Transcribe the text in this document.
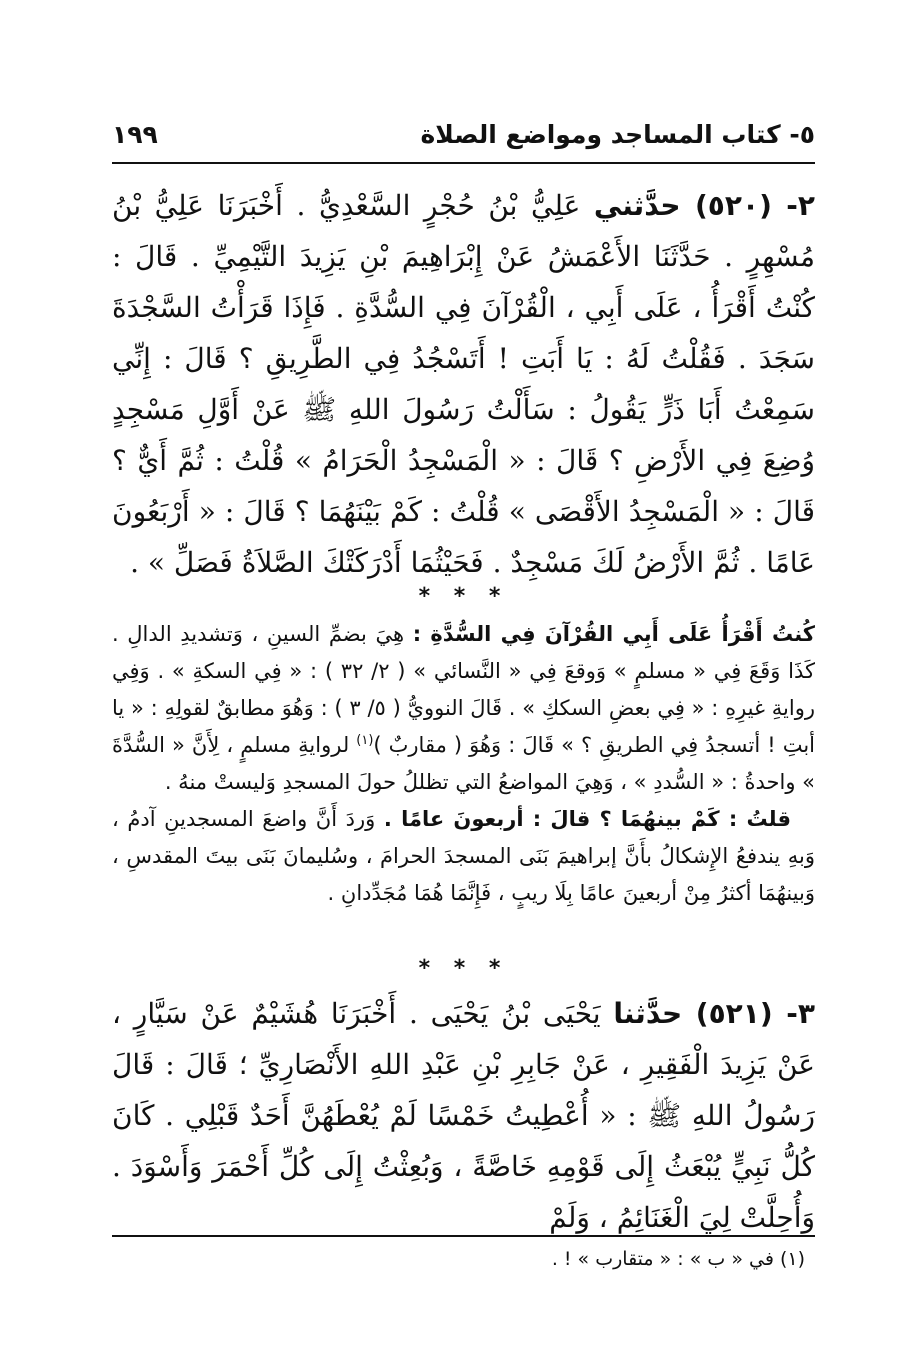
٥- كتاب المساجد ومواضع الصلاة
١٩٩
٢- (٥٢٠) حدَّثني عَلِيُّ بْنُ حُجْرٍ السَّعْدِيُّ . أَخْبَرَنَا عَلِيُّ بْنُ مُسْهِرٍ . حَدَّثَنَا الأَعْمَشُ عَنْ إِبْرَاهِيمَ بْنِ يَزِيدَ التَّيْمِيِّ . قَالَ : كُنْتُ أَقْرَأُ ، عَلَى أَبِي ، الْقُرْآنَ فِي السُّدَّةِ . فَإِذَا قَرَأْتُ السَّجْدَةَ سَجَدَ . فَقُلْتُ لَهُ : يَا أَبَتِ ! أَتَسْجُدُ فِي الطَّرِيقِ ؟ قَالَ : إِنِّي سَمِعْتُ أَبَا ذَرٍّ يَقُولُ : سَأَلْتُ رَسُولَ اللهِ ﷺ عَنْ أَوَّلِ مَسْجِدٍ وُضِعَ فِي الأَرْضِ ؟ قَالَ : « الْمَسْجِدُ الْحَرَامُ » قُلْتُ : ثُمَّ أَيٌّ ؟ قَالَ : « الْمَسْجِدُ الأَقْصَى » قُلْتُ : كَمْ بَيْنَهُمَا ؟ قَالَ : « أَرْبَعُونَ عَامًا . ثُمَّ الأَرْضُ لَكَ مَسْجِدٌ . فَحَيْثُمَا أَدْرَكَتْكَ الصَّلاَةُ فَصَلِّ » .
* * *

كُنتُ أَقْرَأُ عَلَى أَبِي القُرْآنَ فِي السُّدَّةِ : هِيَ بضمِّ السينِ ، وَتشديدِ الدالِ . كَذَا وَقَعَ فِي « مسلمٍ » وَوقعَ فِي « النَّسائي » ( ٢/ ٣٢ ) : « فِي السكةِ » . وَفِي روايةِ غيرِهِ : « فِي بعضِ السككِ » . قَالَ النوويُّ ( ٥/ ٣ ) : وَهُوَ مطابقٌ لقولِهِ : « يا أبتِ ! أتسجدُ فِي الطريقِ ؟ » قَالَ : وَهُوَ ( مقاربٌ )$^{(١)}$ لروايةِ مسلمٍ ، لِأَنَّ « السُّدَّةَ » واحدةُ : « السُّددِ » ، وَهِيَ المواضعُ التي تظللُ حولَ المسجدِ وَليستْ منهُ .

قلتُ : كَمْ بينهُمَا ؟ قالَ : أربعونَ عامًا . وَردَ أَنَّ واضعَ المسجدينِ آدمُ ، وَبهِ يندفعُ الإِشكالُ بأَنَّ إبراهيمَ بَنَى المسجدَ الحرامَ ، وسُليمانَ بَنَى بيتَ المقدسِ ، وَبينهُمَا أكثرُ مِنْ أربعينَ عامًا بِلَا ريبٍ ، فَإِنَّمَا هُمَا مُجَدِّدانِ .

* * *
٣- (٥٢١) حدَّثنا يَحْيَى بْنُ يَحْيَى . أَخْبَرَنَا هُشَيْمٌ عَنْ سَيَّارٍ ، عَنْ يَزِيدَ الْفَقِيرِ ، عَنْ جَابِرِ بْنِ عَبْدِ اللهِ الأَنْصَارِيِّ ؛ قَالَ : قَالَ رَسُولُ اللهِ ﷺ : « أُعْطِيتُ خَمْسًا لَمْ يُعْطَهُنَّ أَحَدٌ قَبْلِي . كَانَ كُلُّ نَبِيٍّ يُبْعَثُ إِلَى قَوْمِهِ خَاصَّةً ، وَبُعِثْتُ إِلَى كُلِّ أَحْمَرَ وَأَسْوَدَ . وَأُحِلَّتْ لِيَ الْغَنَائِمُ ، وَلَمْ
(١) في « ب » : « متقارب » ! .
